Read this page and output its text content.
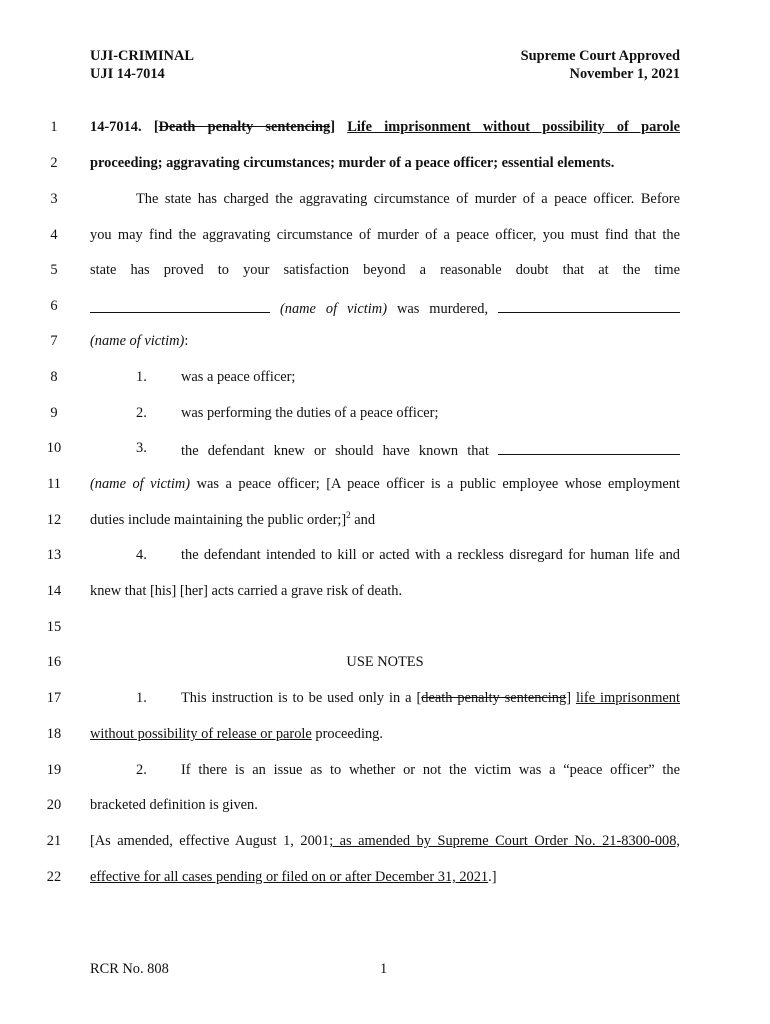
UJI-CRIMINAL
UJI 14-7014
Supreme Court Approved
November 1, 2021
1	14-7014. [Death penalty sentencing] Life imprisonment without possibility of parole
2	proceeding; aggravating circumstances; murder of a peace officer; essential elements.
3	The state has charged the aggravating circumstance of murder of a peace officer. Before
4	you may find the aggravating circumstance of murder of a peace officer, you must find that the
5	state has proved to your satisfaction beyond a reasonable doubt that at the time
6	(name of victim) was murdered,
7	(name of victim):
8	1. was a peace officer;
9	2. was performing the duties of a peace officer;
10	3. the defendant knew or should have known that
11	(name of victim) was a peace officer; [A peace officer is a public employee whose employment
12	duties include maintaining the public order;]$^2$ and
13	4. the defendant intended to kill or acted with a reckless disregard for human life and
14	knew that [his] [her] acts carried a grave risk of death.
15
16	USE NOTES
17	1. This instruction is to be used only in a [death penalty sentencing] life imprisonment
18	without possibility of release or parole proceeding.
19	2. If there is an issue as to whether or not the victim was a “peace officer” the
20	bracketed definition is given.
21	[As amended, effective August 1, 2001; as amended by Supreme Court Order No. 21-8300-008,
22	effective for all cases pending or filed on or after December 31, 2021.]
RCR No. 808	1
